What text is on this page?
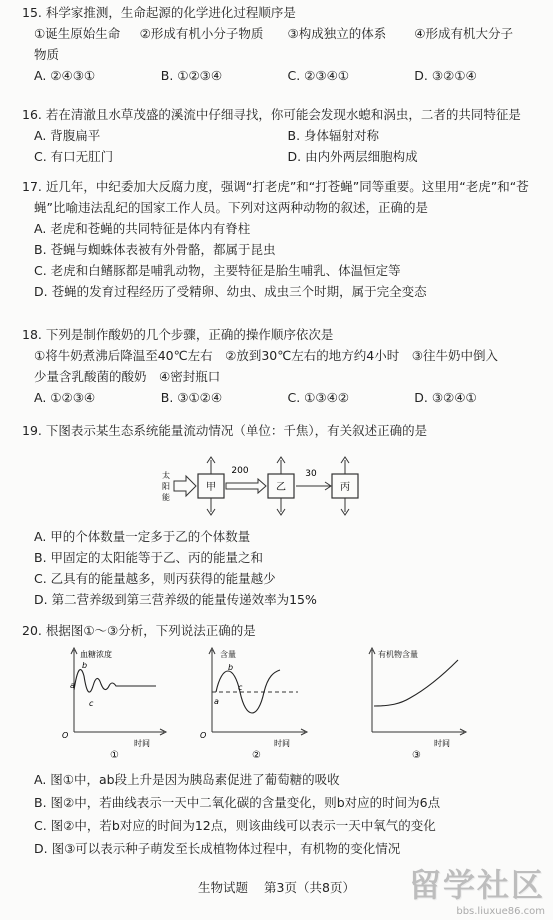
15. 科学家推测，生命起源的化学进化过程顺序是
①诞生原始生命	②形成有机小分子物质	③构成独立的体系	④形成有机大分子
物质
A. ②④③①	B. ①②③④	C. ②③④①	D. ③②①④
16. 若在清澈且水草茂盛的溪流中仔细寻找，你可能会发现水螅和涡虫，二者的共同特征是
A. 背腹扁平	B. 身体辐射对称
C. 有口无肛门	D. 由内外两层细胞构成
17. 近几年，中纪委加大反腐力度，强调“打老虎”和“打苍蝇”同等重要。这里用“老虎”和“苍
蝇”比喻违法乱纪的国家工作人员。下列对这两种动物的叙述，正确的是
A. 老虎和苍蝇的共同特征是体内有脊柱
B. 苍蝇与蜘蛛体表被有外骨骼，都属于昆虫
C. 老虎和白鳍豚都是哺乳动物，主要特征是胎生哺乳、体温恒定等
D. 苍蝇的发育过程经历了受精卵、幼虫、成虫三个时期，属于完全变态
18. 下列是制作酸奶的几个步骤，正确的操作顺序依次是
①将牛奶煮沸后降温至40℃左右　②放到30℃左右的地方约4小时　③往牛奶中倒入
少量含乳酸菌的酸奶　④密封瓶口
A. ①②③④	B. ③①②④	C. ①③④②	D. ③②④①
19. 下图表示某生态系统能量流动情况（单位：千焦），有关叙述正确的是
太
阳
能
甲
200
乙
30
丙
A. 甲的个体数量一定多于乙的个体数量
B. 甲固定的太阳能等于乙、丙的能量之和
C. 乙具有的能量越多，则丙获得的能量越少
D. 第二营养级到第三营养级的能量传递效率为15%
20. 根据图①～③分析，下列说法正确的是
血糖浓度
时间
O
a
b
c
①
含量
时间
O
a
b
c
②
有机物含量
时间
③
A. 图①中，ab段上升是因为胰岛素促进了葡萄糖的吸收
B. 图②中，若曲线表示一天中二氧化碳的含量变化，则b对应的时间为6点
C. 图②中，若b对应的时间为12点，则该曲线可以表示一天中氧气的变化
D. 图③可以表示种子萌发至长成植物体过程中，有机物的变化情况
生物试题 第3页（共8页）	留学社区
bbs.liuxue86.com
